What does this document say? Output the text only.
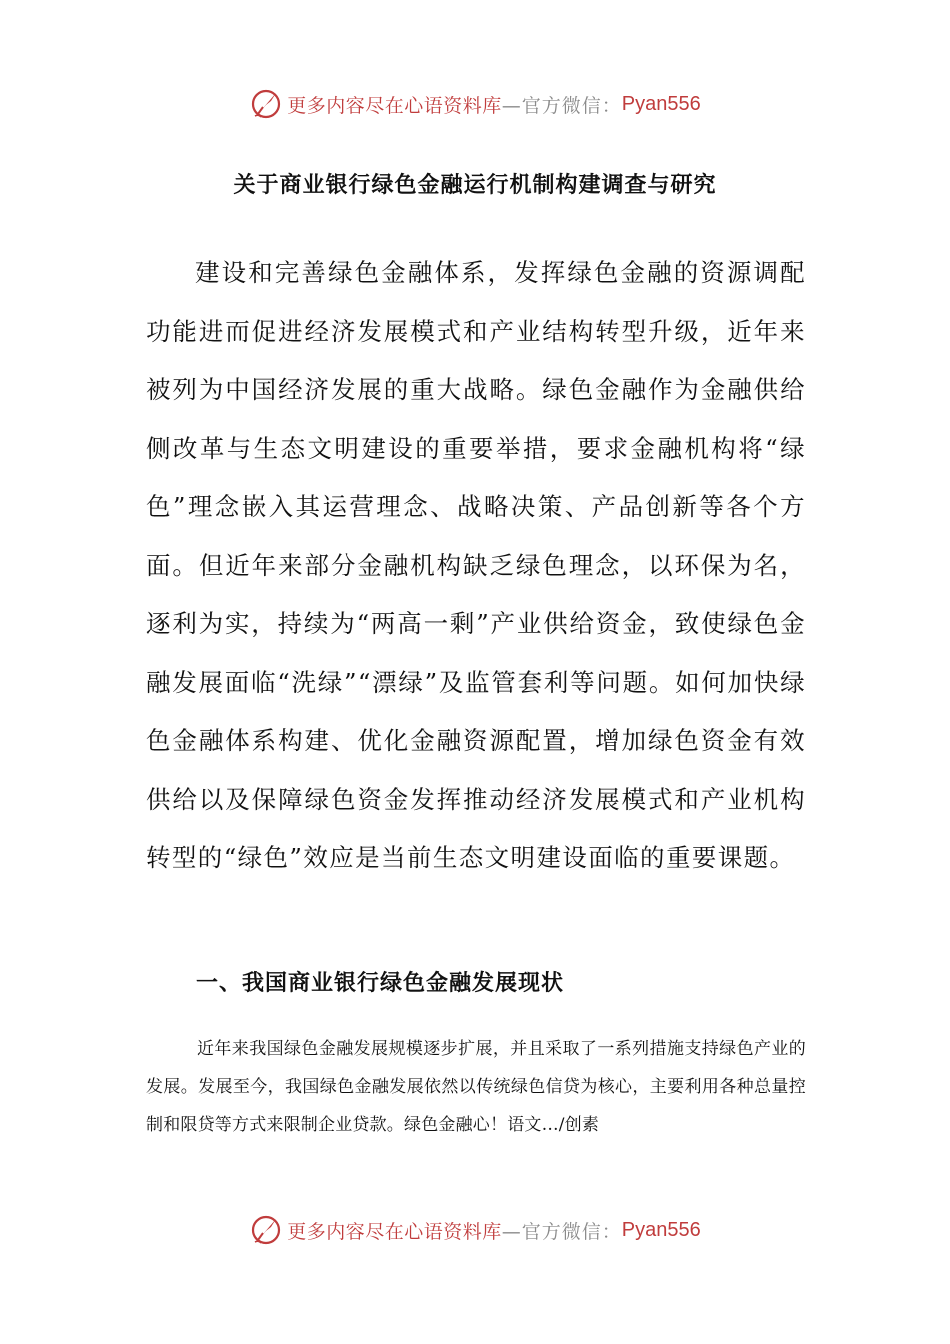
更多内容尽在心语资料库 —官方微信： Pyan556
关于商业银行绿色金融运行机制构建调查与研究

建设和完善绿色金融体系，发挥绿色金融的资源调配功能进而促进经济发展模式和产业结构转型升级，近年来被列为中国经济发展的重大战略。绿色金融作为金融供给侧改革与生态文明建设的重要举措，要求金融机构将“绿色”理念嵌入其运营理念、战略决策、产品创新等各个方面。但近年来部分金融机构缺乏绿色理念，以环保为名，逐利为实，持续为“两高一剩”产业供给资金，致使绿色金融发展面临“洗绿”“漂绿”及监管套利等问题。如何加快绿色金融体系构建、优化金融资源配置，增加绿色资金有效供给以及保障绿色资金发挥推动经济发展模式和产业机构转型的“绿色”效应是当前生态文明建设面临的重要课题。

一、我国商业银行绿色金融发展现状

近年来我国绿色金融发展规模逐步扩展，并且采取了一系列措施支持绿色产业的发展。发展至今，我国绿色金融发展依然以传统绿色信贷为核心，主要利用各种总量控制和限贷等方式来限制企业贷款。绿色金融心！语文…/创素

更多内容尽在心语资料库 —官方微信： Pyan556
